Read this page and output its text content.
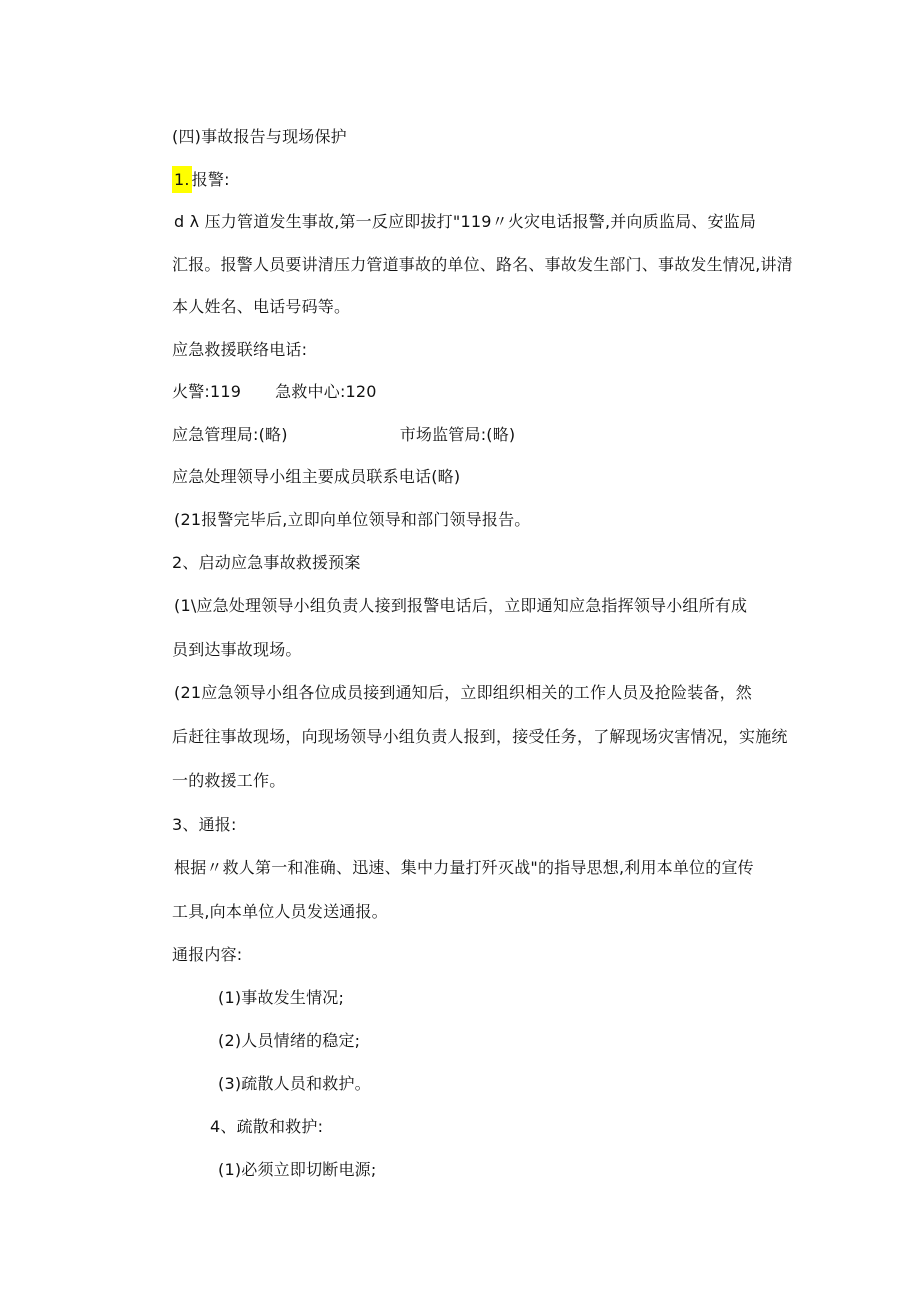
(四)事故报告与现场保护
1. 报警:
d λ 压力管道发生事故,第一反应即拔打"119〃火灾电话报警,并向质监局、安监局
汇报。报警人员要讲清压力管道事故的单位、路名、事故发生部门、事故发生情况,讲清
本人姓名、电话号码等。
应急救援联络电话:
火警:119 急救中心:120
应急管理局:(略)	市场监管局:(略)
应急处理领导小组主要成员联系电话(略)
(21报警完毕后,立即向单位领导和部门领导报告。
2、启动应急事故救援预案
(1\应急处理领导小组负责人接到报警电话后，立即通知应急指挥领导小组所有成
员到达事故现场。
(21应急领导小组各位成员接到通知后，立即组织相关的工作人员及抢险装备，然
后赶往事故现场，向现场领导小组负责人报到，接受任务，了解现场灾害情况，实施统
一的救援工作。
3、通报:
根据〃救人第一和准确、迅速、集中力量打歼灭战"的指导思想,利用本单位的宣传
工具,向本单位人员发送通报。
通报内容:
(1)事故发生情况;
(2)人员情绪的稳定;
(3)疏散人员和救护。
4、疏散和救护:
(1)必须立即切断电源;
